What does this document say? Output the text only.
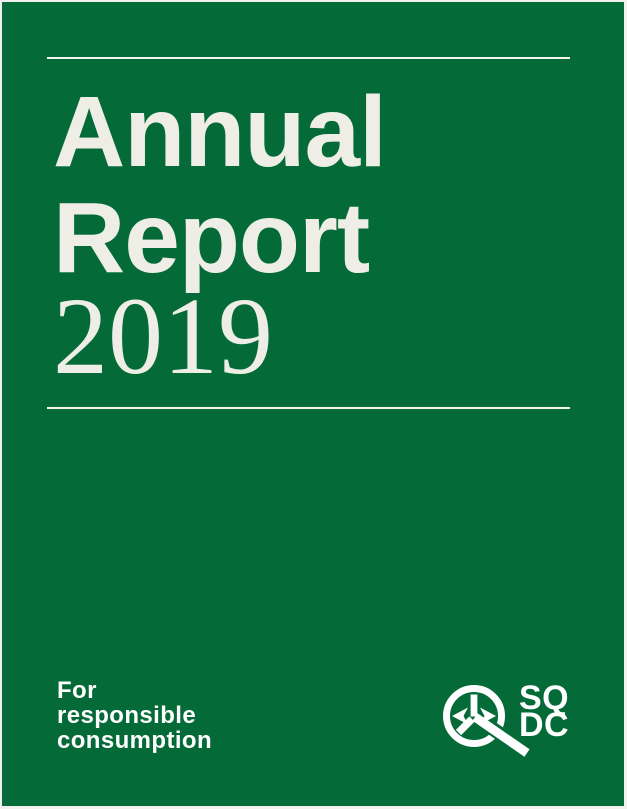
Annual
Report
2019
For
responsible
consumption
SQ
DC
